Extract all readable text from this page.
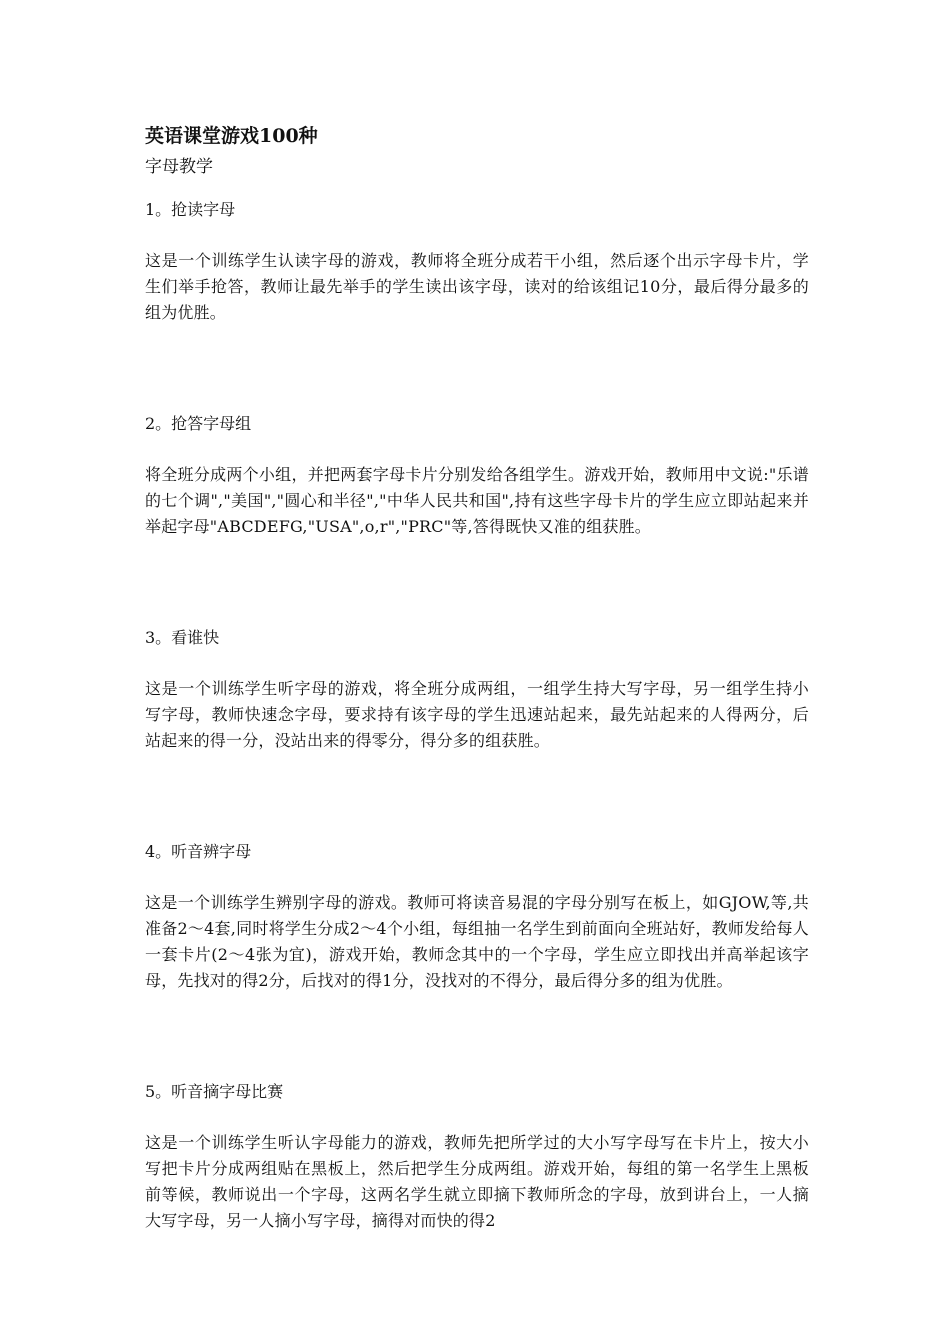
英语课堂游戏100种

字母教学

1。抢读字母

这是一个训练学生认读字母的游戏，教师将全班分成若干小组，然后逐个出示字母卡片，学生们举手抢答，教师让最先举手的学生读出该字母，读对的给该组记10分，最后得分最多的组为优胜。

2。抢答字母组

将全班分成两个小组，并把两套字母卡片分别发给各组学生。游戏开始，教师用中文说:"乐谱的七个调","美国","圆心和半径","中华人民共和国",持有这些字母卡片的学生应立即站起来并举起字母"ABCDEFG,"USA",o,r","PRC"等,答得既快又准的组获胜。

3。看谁快

这是一个训练学生听字母的游戏，将全班分成两组，一组学生持大写字母，另一组学生持小写字母，教师快速念字母，要求持有该字母的学生迅速站起来，最先站起来的人得两分，后站起来的得一分，没站出来的得零分，得分多的组获胜。

4。听音辨字母

这是一个训练学生辨别字母的游戏。教师可将读音易混的字母分别写在板上，如GJOW,等,共准备2～4套,同时将学生分成2～4个小组，每组抽一名学生到前面向全班站好，教师发给每人一套卡片(2～4张为宜)，游戏开始，教师念其中的一个字母，学生应立即找出并高举起该字母，先找对的得2分，后找对的得1分，没找对的不得分，最后得分多的组为优胜。

5。听音摘字母比赛

这是一个训练学生听认字母能力的游戏，教师先把所学过的大小写字母写在卡片上，按大小写把卡片分成两组贴在黑板上，然后把学生分成两组。游戏开始，每组的第一名学生上黑板前等候，教师说出一个字母，这两名学生就立即摘下教师所念的字母，放到讲台上，一人摘大写字母，另一人摘小写字母，摘得对而快的得2
